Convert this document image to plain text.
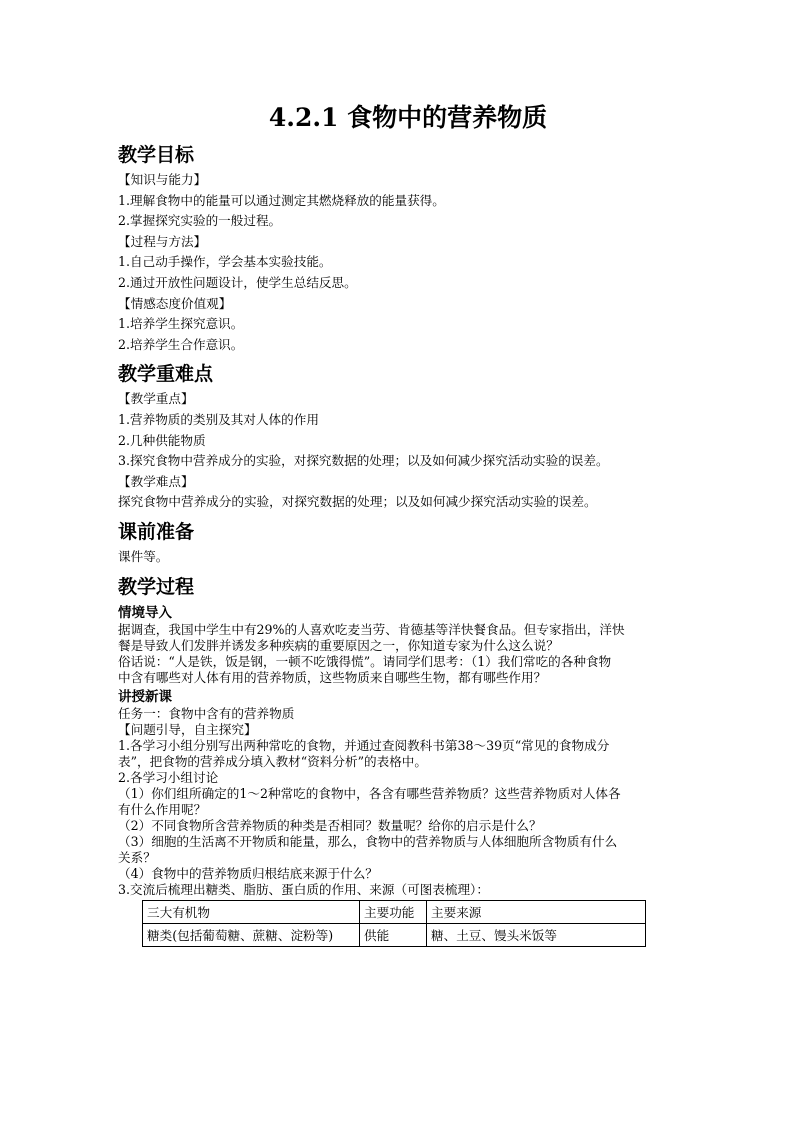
4.2.1 食物中的营养物质
教学目标
【知识与能力】
1.理解食物中的能量可以通过测定其燃烧释放的能量获得。
2.掌握探究实验的一般过程。
【过程与方法】
1.自己动手操作，学会基本实验技能。
2.通过开放性问题设计，使学生总结反思。
【情感态度价值观】
1.培养学生探究意识。
2.培养学生合作意识。
教学重难点
【教学重点】
1.营养物质的类别及其对人体的作用
2.几种供能物质
3.探究食物中营养成分的实验，对探究数据的处理；以及如何减少探究活动实验的误差。
【教学难点】
探究食物中营养成分的实验，对探究数据的处理；以及如何减少探究活动实验的误差。
课前准备
课件等。
教学过程
情境导入
据调查，我国中学生中有29%的人喜欢吃麦当劳、肯德基等洋快餐食品。但专家指出，洋快
餐是导致人们发胖并诱发多种疾病的重要原因之一，你知道专家为什么这么说？
俗话说：“人是铁，饭是钢，一顿不吃饿得慌”。请同学们思考：（1）我们常吃的各种食物
中含有哪些对人体有用的营养物质，这些物质来自哪些生物，都有哪些作用？
讲授新课
任务一：食物中含有的营养物质
【问题引导，自主探究】
1.各学习小组分别写出两种常吃的食物，并通过查阅教科书第38～39页“常见的食物成分
表”，把食物的营养成分填入教材“资料分析”的表格中。
2.各学习小组讨论
（1）你们组所确定的1～2种常吃的食物中，各含有哪些营养物质？这些营养物质对人体各
有什么作用呢？
（2）不同食物所含营养物质的种类是否相同？数量呢？给你的启示是什么？
（3）细胞的生活离不开物质和能量，那么，食物中的营养物质与人体细胞所含物质有什么
关系？
（4）食物中的营养物质归根结底来源于什么？
3.交流后梳理出糖类、脂肪、蛋白质的作用、来源（可图表梳理）：
三大有机物	主要功能	主要来源
糖类(包括葡萄糖、蔗糖、淀粉等)	供能	糖、土豆、馒头米饭等
